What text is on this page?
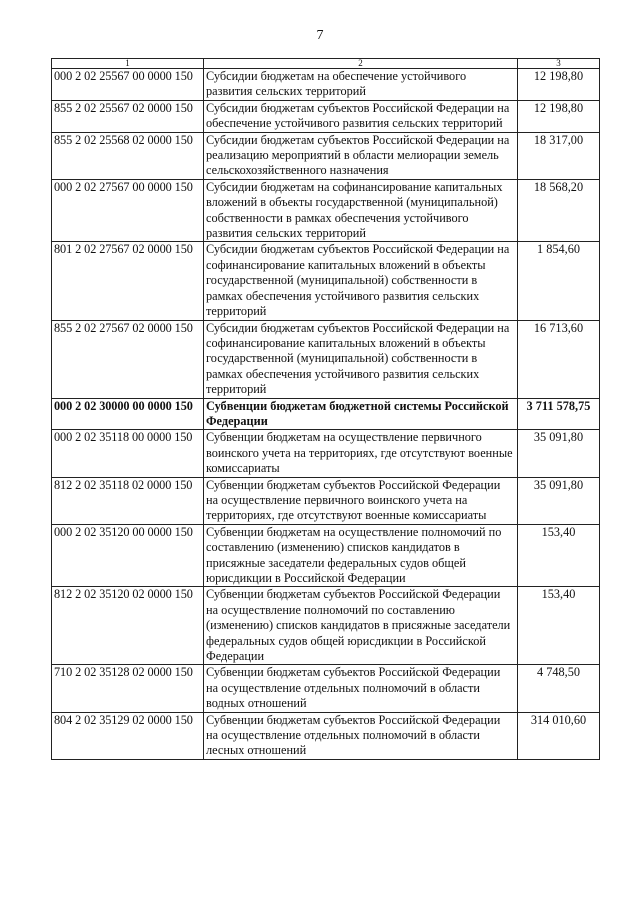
7
1	2	3
000 2 02 25567 00 0000 150	Субсидии бюджетам на обеспечение устойчивого развития сельских территорий	12 198,80
855 2 02 25567 02 0000 150	Субсидии бюджетам субъектов Российской Федерации на обеспечение устойчивого развития сельских территорий	12 198,80
855 2 02 25568 02 0000 150	Субсидии бюджетам субъектов Российской Федерации на реализацию мероприятий в области мелиорации земель сельскохозяйственного назначения	18 317,00
000 2 02 27567 00 0000 150	Субсидии бюджетам на софинансирование капитальных вложений в объекты государственной (муниципальной) собственности в рамках обеспечения устойчивого развития сельских территорий	18 568,20
801 2 02 27567 02 0000 150	Субсидии бюджетам субъектов Российской Федерации на софинансирование капитальных вложений в объекты государственной (муниципальной) собственности в рамках обеспечения устойчивого развития сельских территорий	1 854,60
855 2 02 27567 02 0000 150	Субсидии бюджетам субъектов Российской Федерации на софинансирование капитальных вложений в объекты государственной (муниципальной) собственности в рамках обеспечения устойчивого развития сельских территорий	16 713,60
000 2 02 30000 00 0000 150	Субвенции бюджетам бюджетной системы Российской Федерации	3 711 578,75
000 2 02 35118 00 0000 150	Субвенции бюджетам на осуществление первичного воинского учета на территориях, где отсутствуют военные комиссариаты	35 091,80
812 2 02 35118 02 0000 150	Субвенции бюджетам субъектов Российской Федерации на осуществление первичного воинского учета на территориях, где отсутствуют военные комиссариаты	35 091,80
000 2 02 35120 00 0000 150	Субвенции бюджетам на осуществление полномочий по составлению (изменению) списков кандидатов в присяжные заседатели федеральных судов общей юрисдикции в Российской Федерации	153,40
812 2 02 35120 02 0000 150	Субвенции бюджетам субъектов Российской Федерации на осуществление полномочий по составлению (изменению) списков кандидатов в присяжные заседатели федеральных судов общей юрисдикции в Российской Федерации	153,40
710 2 02 35128 02 0000 150	Субвенции бюджетам субъектов Российской Федерации на осуществление отдельных полномочий в области водных отношений	4 748,50
804 2 02 35129 02 0000 150	Субвенции бюджетам субъектов Российской Федерации на осуществление отдельных полномочий в области лесных отношений	314 010,60
